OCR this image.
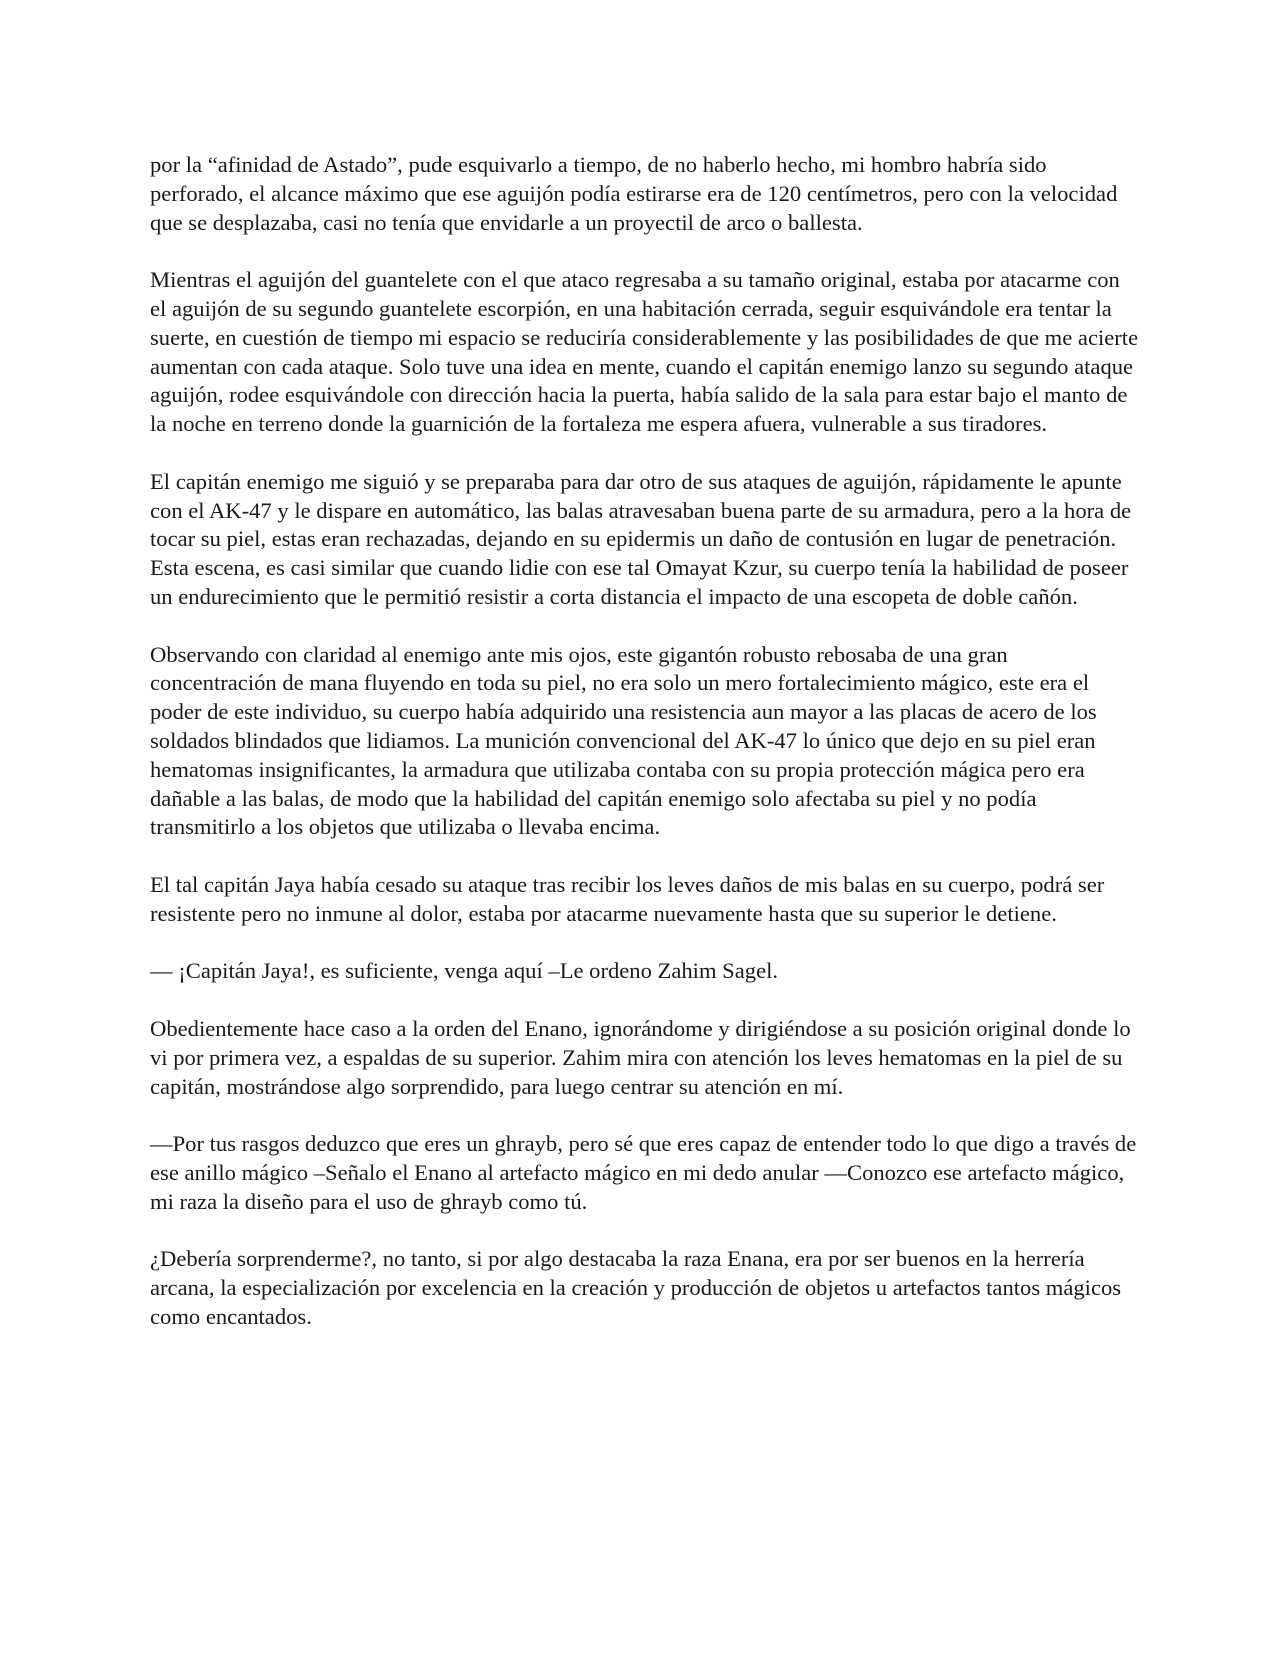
por la “afinidad de Astado”, pude esquivarlo a tiempo, de no haberlo hecho, mi hombro habría sido perforado, el alcance máximo que ese aguijón podía estirarse era de 120 centímetros, pero con la velocidad que se desplazaba, casi no tenía que envidarle a un proyectil de arco o ballesta.

Mientras el aguijón del guantelete con el que ataco regresaba a su tamaño original, estaba por atacarme con el aguijón de su segundo guantelete escorpión, en una habitación cerrada, seguir esquivándole era tentar la suerte, en cuestión de tiempo mi espacio se reduciría considerablemente y las posibilidades de que me acierte aumentan con cada ataque. Solo tuve una idea en mente, cuando el capitán enemigo lanzo su segundo ataque aguijón, rodee esquivándole con dirección hacia la puerta, había salido de la sala para estar bajo el manto de la noche en terreno donde la guarnición de la fortaleza me espera afuera, vulnerable a sus tiradores.

El capitán enemigo me siguió y se preparaba para dar otro de sus ataques de aguijón, rápidamente le apunte con el AK-47 y le dispare en automático, las balas atravesaban buena parte de su armadura, pero a la hora de tocar su piel, estas eran rechazadas, dejando en su epidermis un daño de contusión en lugar de penetración. Esta escena, es casi similar que cuando lidie con ese tal Omayat Kzur, su cuerpo tenía la habilidad de poseer un endurecimiento que le permitió resistir a corta distancia el impacto de una escopeta de doble cañón.

Observando con claridad al enemigo ante mis ojos, este gigantón robusto rebosaba de una gran concentración de mana fluyendo en toda su piel, no era solo un mero fortalecimiento mágico, este era el poder de este individuo, su cuerpo había adquirido una resistencia aun mayor a las placas de acero de los soldados blindados que lidiamos. La munición convencional del AK-47 lo único que dejo en su piel eran hematomas insignificantes, la armadura que utilizaba contaba con su propia protección mágica pero era dañable a las balas, de modo que la habilidad del capitán enemigo solo afectaba su piel y no podía transmitirlo a los objetos que utilizaba o llevaba encima.

El tal capitán Jaya había cesado su ataque tras recibir los leves daños de mis balas en su cuerpo, podrá ser resistente pero no inmune al dolor, estaba por atacarme nuevamente hasta que su superior le detiene.

— ¡Capitán Jaya!, es suficiente, venga aquí –Le ordeno Zahim Sagel.

Obedientemente hace caso a la orden del Enano, ignorándome y dirigiéndose a su posición original donde lo vi por primera vez, a espaldas de su superior. Zahim mira con atención los leves hematomas en la piel de su capitán, mostrándose algo sorprendido, para luego centrar su atención en mí.

—Por tus rasgos deduzco que eres un ghrayb, pero sé que eres capaz de entender todo lo que digo a través de ese anillo mágico –Señalo el Enano al artefacto mágico en mi dedo anular —Conozco ese artefacto mágico, mi raza la diseño para el uso de ghrayb como tú.

¿Debería sorprenderme?, no tanto, si por algo destacaba la raza Enana, era por ser buenos en la herrería arcana, la especialización por excelencia en la creación y producción de objetos u artefactos tantos mágicos como encantados.
